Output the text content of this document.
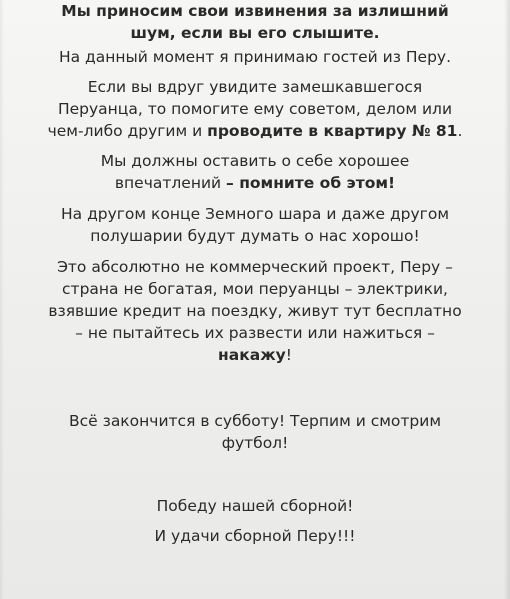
Мы приносим свои извинения за излишний
шум, если вы его слышите.
На данный момент я принимаю гостей из Перу.
Если вы вдруг увидите замешкавшегося
Перуанца, то помогите ему советом, делом или
чем-либо другим и проводите в квартиру № 81.
Мы должны оставить о себе хорошее
впечатлений – помните об этом!
На другом конце Земного шара и даже другом
полушарии будут думать о нас хорошо!
Это абсолютно не коммерческий проект, Перу –
страна не богатая, мои перуанцы – электрики,
взявшие кредит на поездку, живут тут бесплатно
– не пытайтесь их развести или нажиться –
накажу!
Всё закончится в субботу! Терпим и смотрим
футбол!
Победу нашей сборной!
И удачи сборной Перу!!!
